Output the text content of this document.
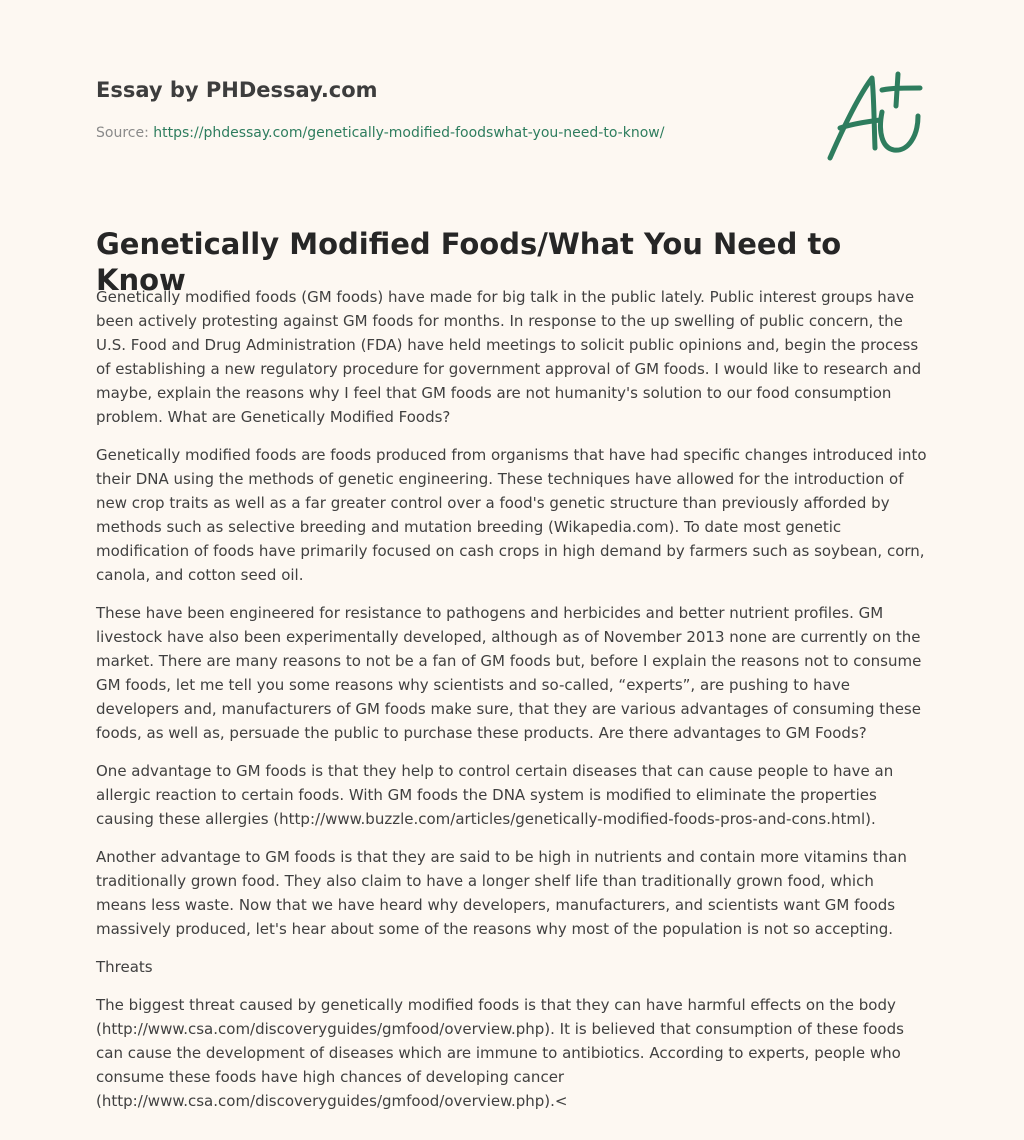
Essay by PHDessay.com
Source: https://phdessay.com/genetically-modified-foodswhat-you-need-to-know/
Genetically Modified Foods/What You Need to Know

Genetically modified foods (GM foods) have made for big talk in the public lately. Public interest groups have been actively protesting against GM foods for months. In response to the up swelling of public concern, the U.S. Food and Drug Administration (FDA) have held meetings to solicit public opinions and, begin the process of establishing a new regulatory procedure for government approval of GM foods. I would like to research and maybe, explain the reasons why I feel that GM foods are not humanity's solution to our food consumption problem. What are Genetically Modified Foods?

Genetically modified foods are foods produced from organisms that have had specific changes introduced into their DNA using the methods of genetic engineering. These techniques have allowed for the introduction of new crop traits as well as a far greater control over a food's genetic structure than previously afforded by methods such as selective breeding and mutation breeding (Wikapedia.com). To date most genetic modification of foods have primarily focused on cash crops in high demand by farmers such as soybean, corn, canola, and cotton seed oil.

These have been engineered for resistance to pathogens and herbicides and better nutrient profiles. GM livestock have also been experimentally developed, although as of November 2013 none are currently on the market. There are many reasons to not be a fan of GM foods but, before I explain the reasons not to consume GM foods, let me tell you some reasons why scientists and so-called, “experts”, are pushing to have developers and, manufacturers of GM foods make sure, that they are various advantages of consuming these foods, as well as, persuade the public to purchase these products. Are there advantages to GM Foods?

One advantage to GM foods is that they help to control certain diseases that can cause people to have an allergic reaction to certain foods. With GM foods the DNA system is modified to eliminate the properties causing these allergies (http://www.buzzle.com/articles/genetically-modified-foods-pros-and-cons.html).

Another advantage to GM foods is that they are said to be high in nutrients and contain more vitamins than traditionally grown food. They also claim to have a longer shelf life than traditionally grown food, which means less waste. Now that we have heard why developers, manufacturers, and scientists want GM foods massively produced, let's hear about some of the reasons why most of the population is not so accepting.

Threats

The biggest threat caused by genetically modified foods is that they can have harmful effects on the body (http://www.csa.com/discoveryguides/gmfood/overview.php). It is believed that consumption of these foods can cause the development of diseases which are immune to antibiotics. According to experts, people who consume these foods have high chances of developing cancer (http://www.csa.com/discoveryguides/gmfood/overview.php).<
